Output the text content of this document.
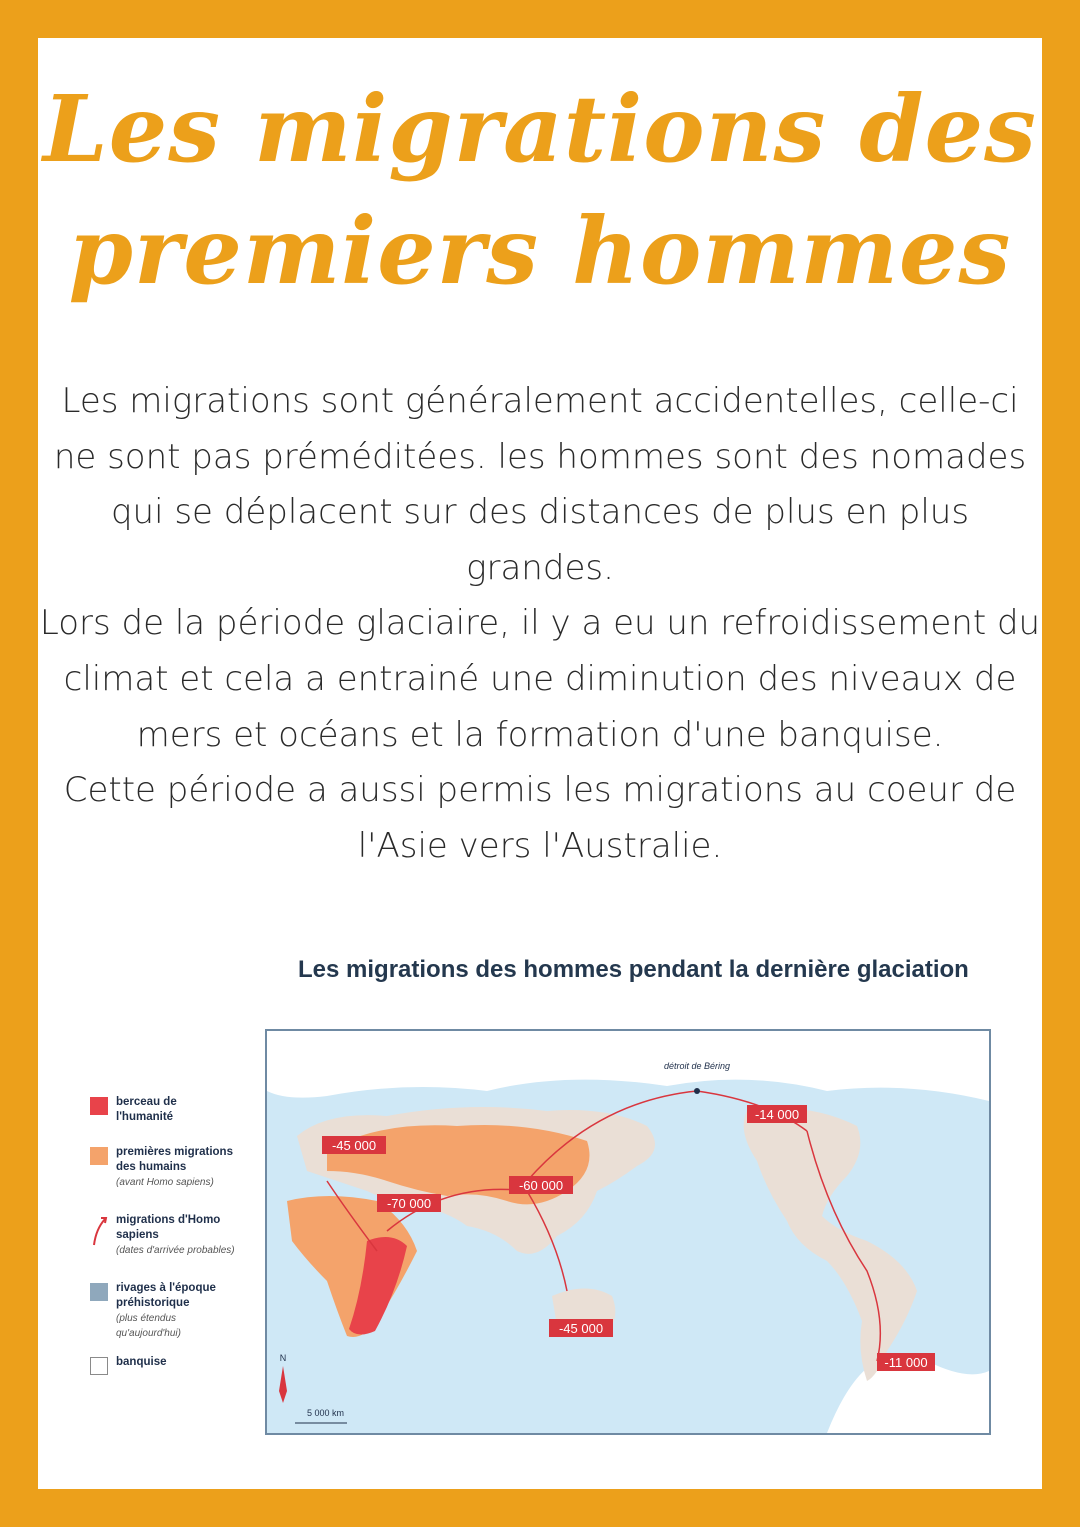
Les migrations des
premiers hommes

Les migrations sont généralement accidentelles, celle-ci ne sont pas préméditées. les hommes sont des nomades qui se déplacent sur des distances de plus en plus grandes.

Lors de la période glaciaire, il y a eu un refroidissement du climat et cela a entrainé une diminution des niveaux de mers et océans et la formation d'une banquise.

Cette période a aussi permis les migrations au coeur de l'Asie vers l'Australie.

Les migrations des hommes pendant la dernière glaciation
berceau de l'humanité
premières migrations des humains
(avant Homo sapiens)
migrations d'Homo sapiens
(dates d'arrivée probables)
rivages à l'époque préhistorique
(plus étendus qu'aujourd'hui)
banquise
détroit de Béring
-45 000
-70 000
-60 000
-14 000
-45 000
-11 000
N
5 000 km
